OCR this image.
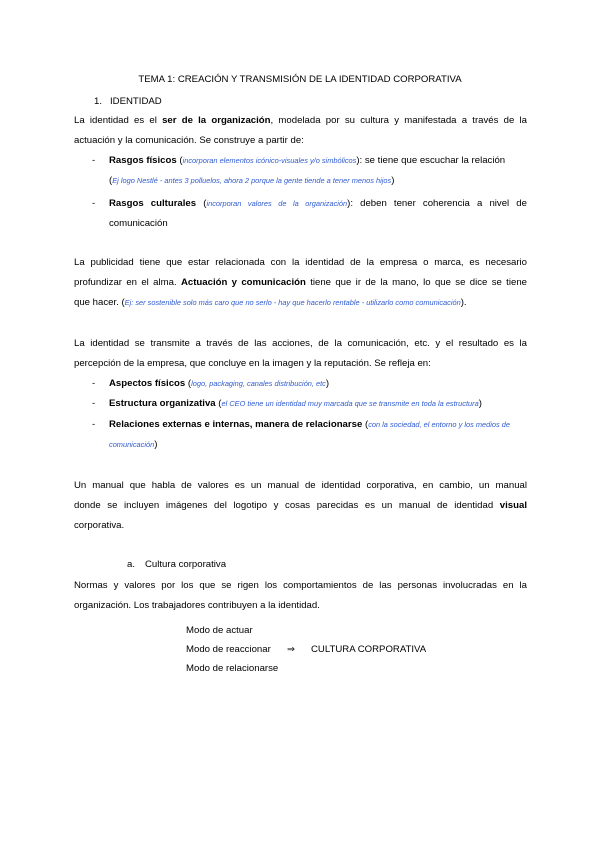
TEMA 1: CREACIÓN Y TRANSMISIÓN DE LA IDENTIDAD CORPORATIVA
1. IDENTIDAD
La identidad es el ser de la organización, modelada por su cultura y manifestada a través de la
actuación y la comunicación. Se construye a partir de:
- Rasgos físicos (incorporan elementos icónico-visuales y/o simbólicos): se tiene que escuchar la relación
(Ej logo Nestlé - antes 3 polluelos, ahora 2 porque la gente tiende a tener menos hijos)
- Rasgos culturales (incorporan valores de la organización): deben tener coherencia a nivel de
comunicación
La publicidad tiene que estar relacionada con la identidad de la empresa o marca, es necesario
profundizar en el alma. Actuación y comunicación tiene que ir de la mano, lo que se dice se tiene
que hacer. (Ej: ser sostenible solo más caro que no serlo - hay que hacerlo rentable - utilizarlo como comunicación).
La identidad se transmite a través de las acciones, de la comunicación, etc. y el resultado es la
percepción de la empresa, que concluye en la imagen y la reputación. Se refleja en:
- Aspectos físicos (logo, packaging, canales distribución, etc)
- Estructura organizativa (el CEO tiene un identidad muy marcada que se transmite en toda la estructura)
- Relaciones externas e internas, manera de relacionarse (con la sociedad, el entorno y los medios de
comunicación)
Un manual que habla de valores es un manual de identidad corporativa, en cambio, un manual
donde se incluyen imágenes del logotipo y cosas parecidas es un manual de identidad visual
corporativa.
a. Cultura corporativa
Normas y valores por los que se rigen los comportamientos de las personas involucradas en la
organización. Los trabajadores contribuyen a la identidad.
Modo de actuar
Modo de reaccionar ⇒ CULTURA CORPORATIVA
Modo de relacionarse
